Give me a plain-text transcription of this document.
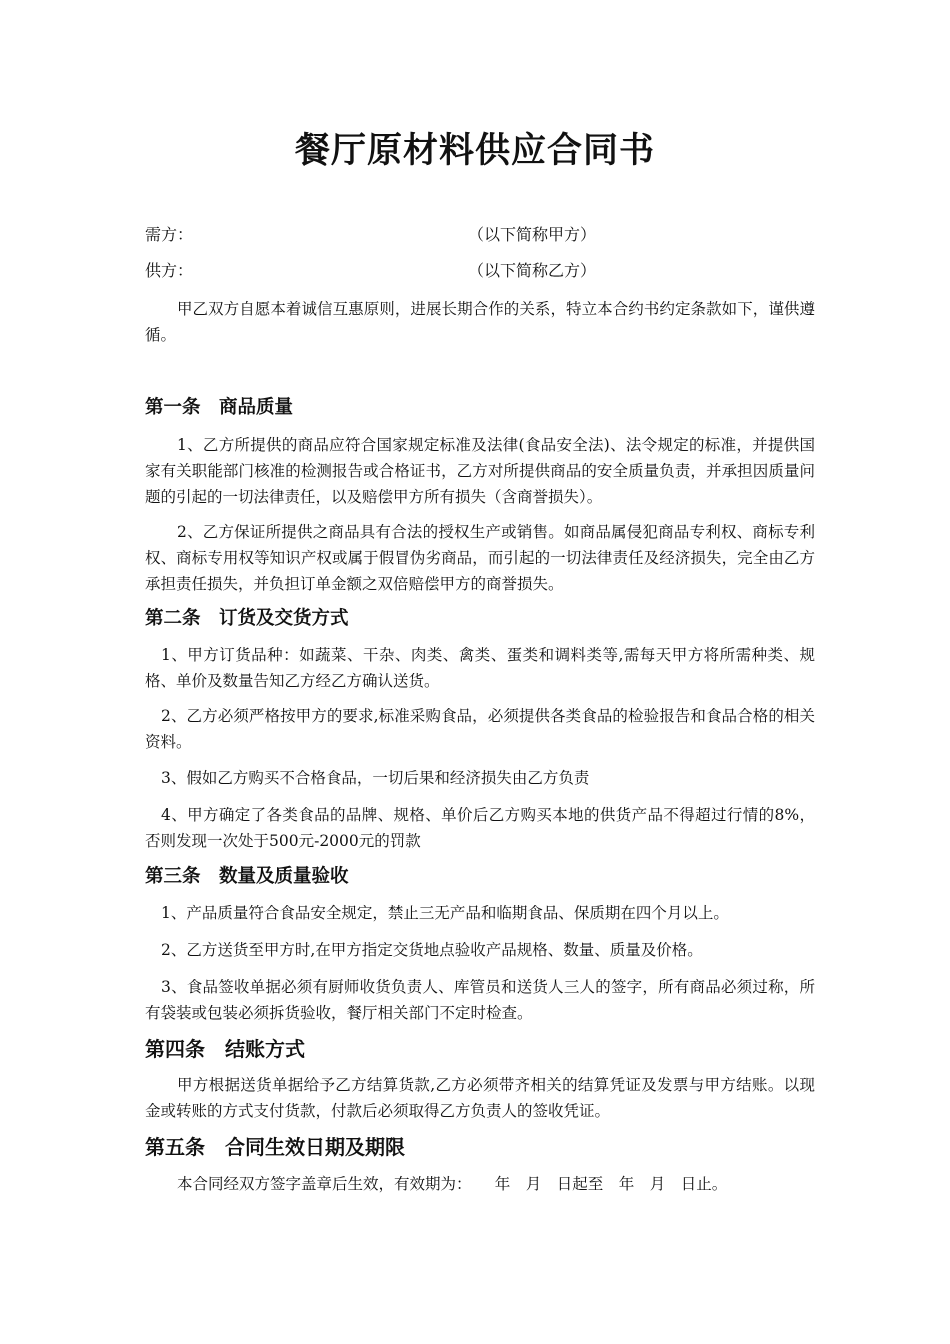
餐厅原材料供应合同书
需方：	（以下简称甲方）
供方：	（以下简称乙方）

甲乙双方自愿本着诚信互惠原则，进展长期合作的关系，特立本合约书约定条款如下，谨供遵循。

第一条　商品质量

1、乙方所提供的商品应符合国家规定标准及法律(食品安全法)、法令规定的标准，并提供国家有关职能部门核准的检测报告或合格证书，乙方对所提供商品的安全质量负责，并承担因质量问题的引起的一切法律责任，以及赔偿甲方所有损失（含商誉损失）。

2、乙方保证所提供之商品具有合法的授权生产或销售。如商品属侵犯商品专利权、商标专利权、商标专用权等知识产权或属于假冒伪劣商品，而引起的一切法律责任及经济损失，完全由乙方承担责任损失，并负担订单金额之双倍赔偿甲方的商誉损失。

第二条　订货及交货方式

1、甲方订货品种：如蔬菜、干杂、肉类、禽类、蛋类和调料类等,需每天甲方将所需种类、规格、单价及数量告知乙方经乙方确认送货。

2、乙方必须严格按甲方的要求,标准采购食品，必须提供各类食品的检验报告和食品合格的相关资料。

3、假如乙方购买不合格食品，一切后果和经济损失由乙方负责

4、甲方确定了各类食品的品牌、规格、单价后乙方购买本地的供货产品不得超过行情的8%，否则发现一次处于500元-2000元的罚款

第三条　数量及质量验收

1、产品质量符合食品安全规定，禁止三无产品和临期食品、保质期在四个月以上。

2、乙方送货至甲方时,在甲方指定交货地点验收产品规格、数量、质量及价格。

3、食品签收单据必须有厨师收货负责人、库管员和送货人三人的签字，所有商品必须过称，所有袋装或包装必须拆货验收，餐厅相关部门不定时检查。

第四条　结账方式

甲方根据送货单据给予乙方结算货款,乙方必须带齐相关的结算凭证及发票与甲方结账。以现金或转账的方式支付货款，付款后必须取得乙方负责人的签收凭证。

第五条　合同生效日期及期限

本合同经双方签字盖章后生效，有效期为：　　年　月　日起至　年　月　日止。
